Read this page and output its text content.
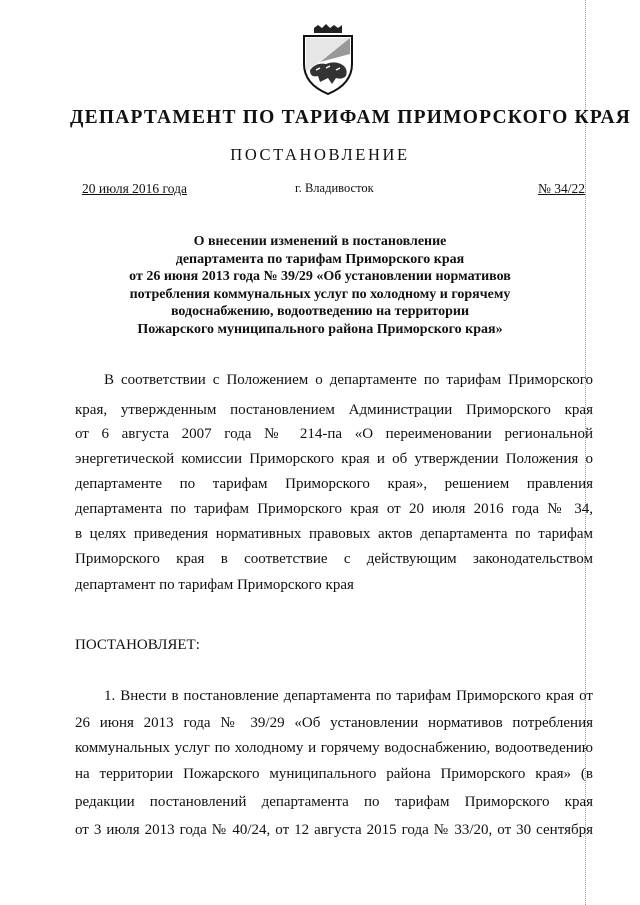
ДЕПАРТАМЕНТ ПО ТАРИФАМ ПРИМОРСКОГО КРАЯ
ПОСТАНОВЛЕНИЕ
20 июля 2016 года	г. Владивосток	№ 34/22
О внесении изменений в постановление
департамента по тарифам Приморского края
от 26 июня 2013 года № 39/29 «Об установлении нормативов
потребления коммунальных услуг по холодному и горячему
водоснабжению, водоотведению на территории
Пожарского муниципального района Приморского края»
В соответствии с Положением о департаменте по тарифам Приморского
края, утвержденным постановлением Администрации Приморского края
от 6 августа 2007 года № 214-па «О переименовании региональной
энергетической комиссии Приморского края и об утверждении Положения о
департаменте по тарифам Приморского края», решением правления
департамента по тарифам Приморского края от 20 июля 2016 года № 34,
в целях приведения нормативных правовых актов департамента по тарифам
Приморского края в соответствие с действующим законодательством
департамент по тарифам Приморского края
ПОСТАНОВЛЯЕТ:
1. Внести в постановление департамента по тарифам Приморского края от
26 июня 2013 года № 39/29 «Об установлении нормативов потребления
коммунальных услуг по холодному и горячему водоснабжению, водоотведению
на территории Пожарского муниципального района Приморского края» (в
редакции постановлений департамента по тарифам Приморского края
от 3 июля 2013 года № 40/24, от 12 августа 2015 года № 33/20, от 30 сентября
